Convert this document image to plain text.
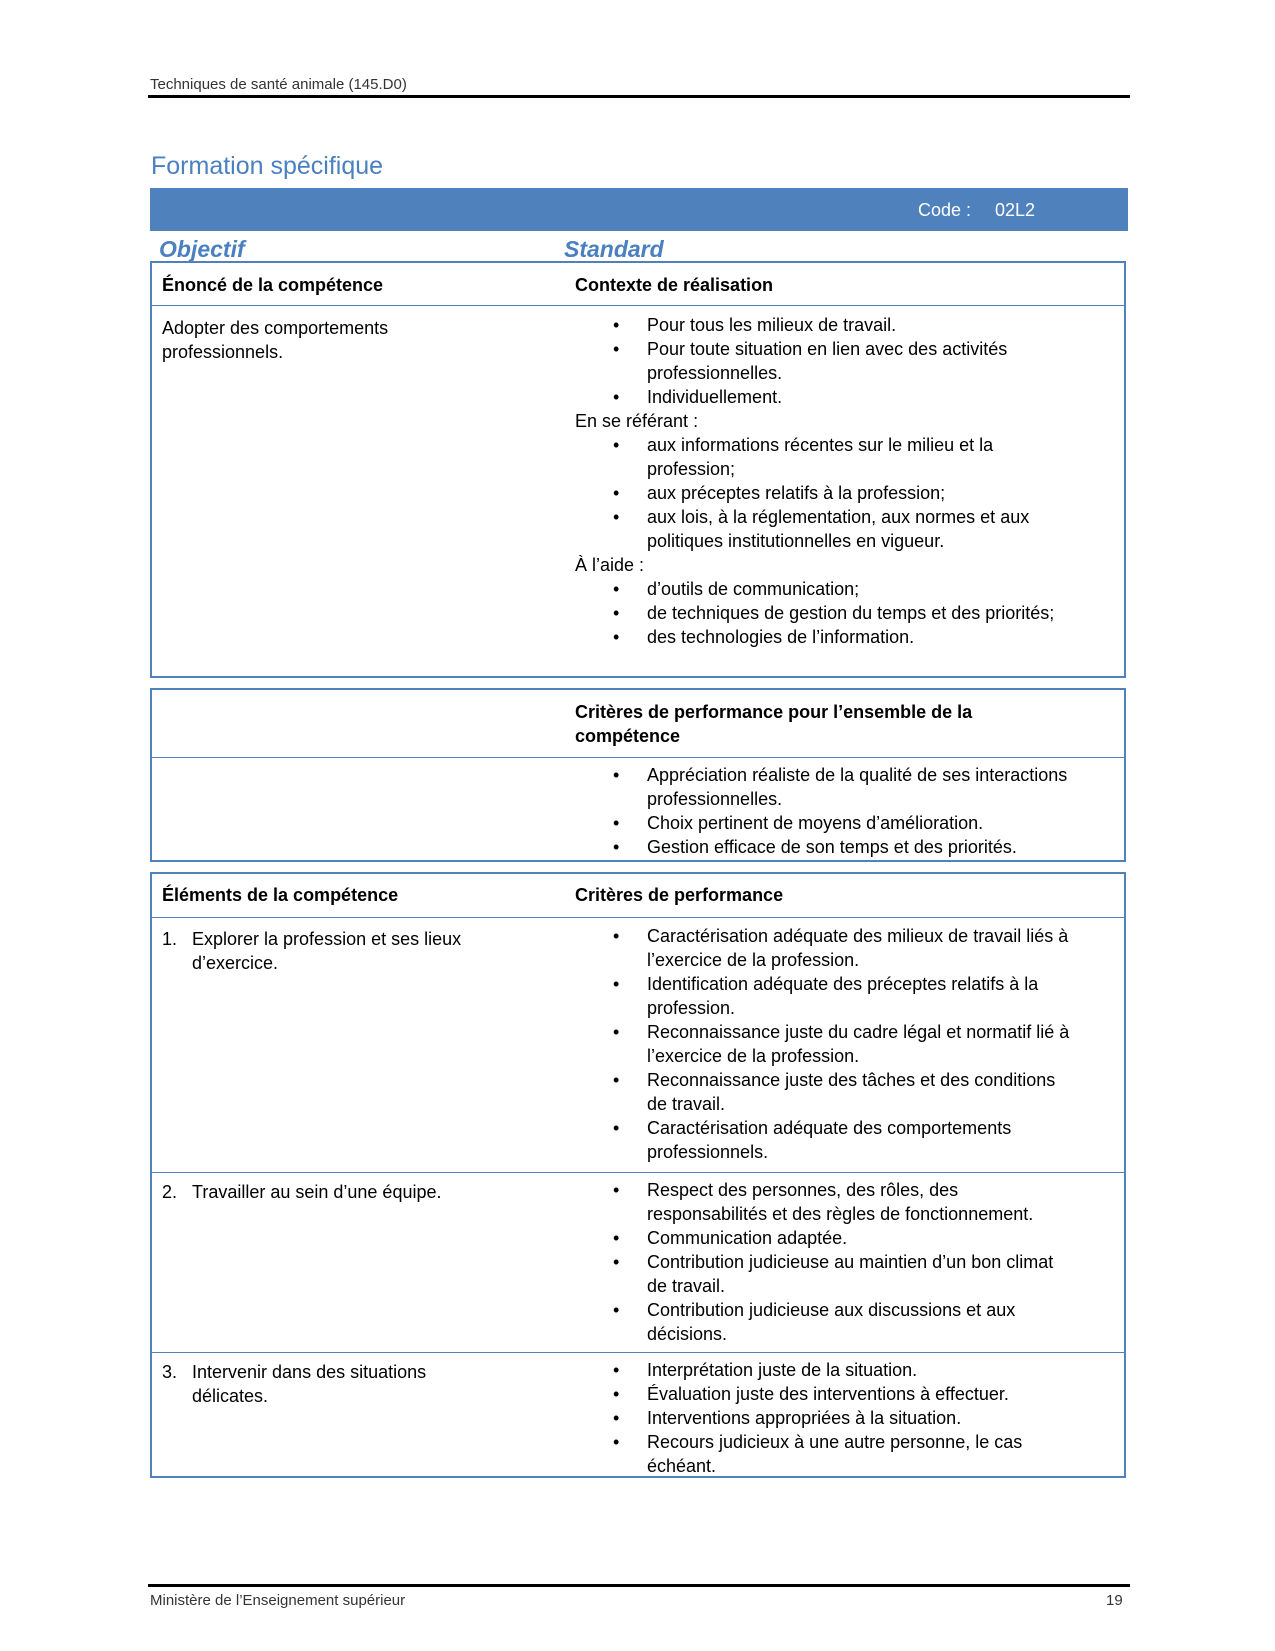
Techniques de santé animale (145.D0)
Formation spécifique
Code : 02L2
Objectif	Standard
Énoncé de la compétence	Contexte de réalisation
Adopter des comportements professionnels.
• Pour tous les milieux de travail.
• Pour toute situation en lien avec des activités professionnelles.
• Individuellement.
En se référant :
• aux informations récentes sur le milieu et la profession;
• aux préceptes relatifs à la profession;
• aux lois, à la réglementation, aux normes et aux politiques institutionnelles en vigueur.
À l’aide :
• d’outils de communication;
• de techniques de gestion du temps et des priorités;
• des technologies de l’information.
Critères de performance pour l’ensemble de la compétence
• Appréciation réaliste de la qualité de ses interactions professionnelles.
• Choix pertinent de moyens d’amélioration.
• Gestion efficace de son temps et des priorités.
Éléments de la compétence	Critères de performance
1. Explorer la profession et ses lieux d’exercice.
• Caractérisation adéquate des milieux de travail liés à l’exercice de la profession.
• Identification adéquate des préceptes relatifs à la profession.
• Reconnaissance juste du cadre légal et normatif lié à l’exercice de la profession.
• Reconnaissance juste des tâches et des conditions de travail.
• Caractérisation adéquate des comportements professionnels.
2. Travailler au sein d’une équipe.
•	Respect des personnes, des rôles, des responsabilités et des règles de fonctionnement.
• Communication adaptée.
• Contribution judicieuse au maintien d’un bon climat de travail.
• Contribution judicieuse aux discussions et aux décisions.
3. Intervenir dans des situations délicates.
• Interprétation juste de la situation.
• Évaluation juste des interventions à effectuer.
• Interventions appropriées à la situation.
• Recours judicieux à une autre personne, le cas échéant.
Ministère de l’Enseignement supérieur	19
